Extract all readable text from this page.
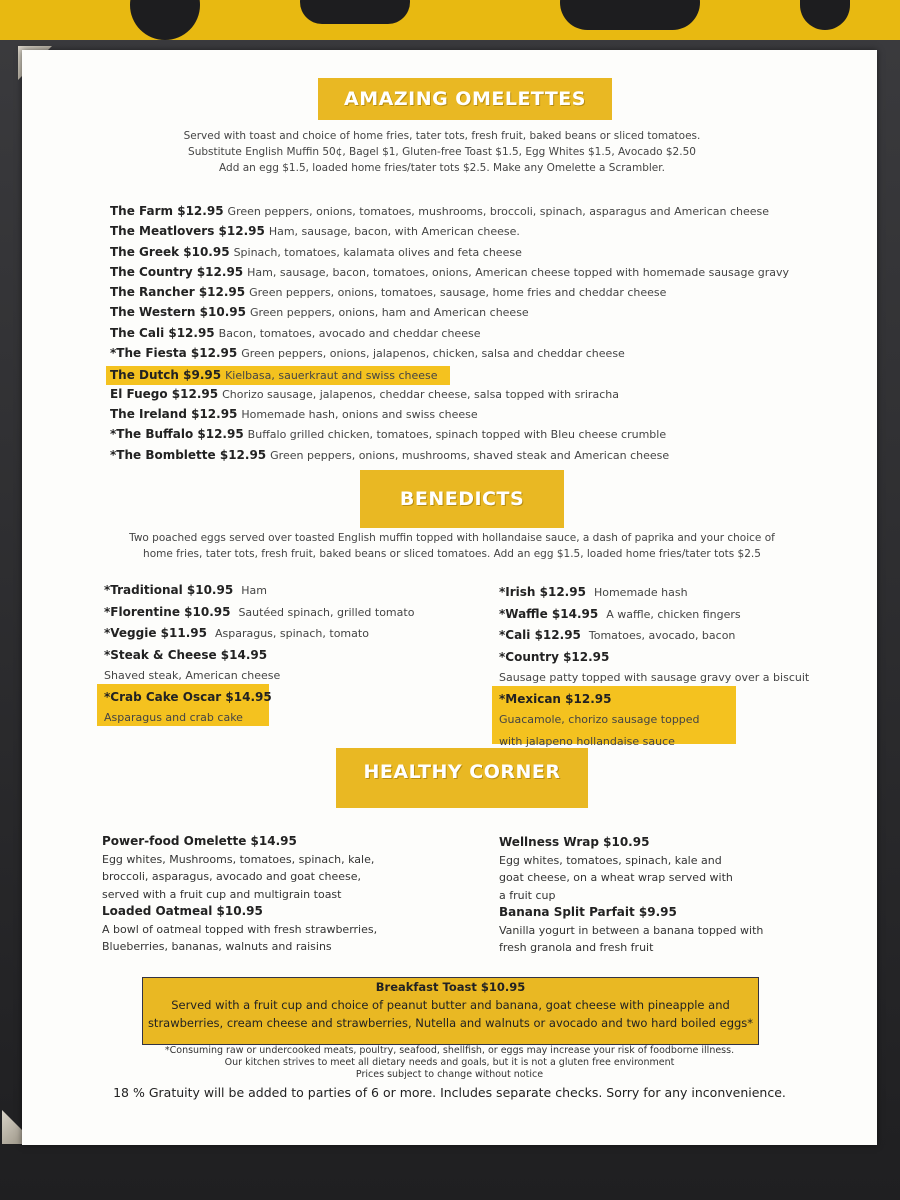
AMAZING OMELETTES
Served with toast and choice of home fries, tater tots, fresh fruit, baked beans or sliced tomatoes.
Substitute English Muffin 50¢, Bagel $1, Gluten-free Toast $1.5, Egg Whites $1.5, Avocado $2.50
Add an egg $1.5, loaded home fries/tater tots $2.5. Make any Omelette a Scrambler.
The Farm $12.95 Green peppers, onions, tomatoes, mushrooms, broccoli, spinach, asparagus and American cheese
The Meatlovers $12.95 Ham, sausage, bacon, with American cheese.
The Greek $10.95 Spinach, tomatoes, kalamata olives and feta cheese
The Country $12.95 Ham, sausage, bacon, tomatoes, onions, American cheese topped with homemade sausage gravy
The Rancher $12.95 Green peppers, onions, tomatoes, sausage, home fries and cheddar cheese
The Western $10.95 Green peppers, onions, ham and American cheese
The Cali $12.95 Bacon, tomatoes, avocado and cheddar cheese
*The Fiesta $12.95 Green peppers, onions, jalapenos, chicken, salsa and cheddar cheese
The Dutch $9.95 Kielbasa, sauerkraut and swiss cheese
El Fuego $12.95 Chorizo sausage, jalapenos, cheddar cheese, salsa topped with sriracha
The Ireland $12.95 Homemade hash, onions and swiss cheese
*The Buffalo $12.95 Buffalo grilled chicken, tomatoes, spinach topped with Bleu cheese crumble
*The Bomblette $12.95 Green peppers, onions, mushrooms, shaved steak and American cheese
BENEDICTS
Two poached eggs served over toasted English muffin topped with hollandaise sauce, a dash of paprika and your choice of
home fries, tater tots, fresh fruit, baked beans or sliced tomatoes. Add an egg $1.5, loaded home fries/tater tots $2.5
*Traditional $10.95 Ham
*Florentine $10.95 Sautéed spinach, grilled tomato
*Veggie $11.95 Asparagus, spinach, tomato
*Steak & Cheese $14.95
Shaved steak, American cheese
*Crab Cake Oscar $14.95
Asparagus and crab cake
*Irish $12.95 Homemade hash
*Waffle $14.95 A waffle, chicken fingers
*Cali $12.95 Tomatoes, avocado, bacon
*Country $12.95
Sausage patty topped with sausage gravy over a biscuit
*Mexican $12.95
Guacamole, chorizo sausage topped
with jalapeno hollandaise sauce
HEALTHY CORNER
Power-food Omelette $14.95
Egg whites, Mushrooms, tomatoes, spinach, kale,
broccoli, asparagus, avocado and goat cheese,
served with a fruit cup and multigrain toast
Loaded Oatmeal $10.95
A bowl of oatmeal topped with fresh strawberries,
Blueberries, bananas, walnuts and raisins
Wellness Wrap $10.95
Egg whites, tomatoes, spinach, kale and
goat cheese, on a wheat wrap served with
a fruit cup
Banana Split Parfait $9.95
Vanilla yogurt in between a banana topped with
fresh granola and fresh fruit
Breakfast Toast $10.95
Served with a fruit cup and choice of peanut butter and banana, goat cheese with pineapple and
strawberries, cream cheese and strawberries, Nutella and walnuts or avocado and two hard boiled eggs*
*Consuming raw or undercooked meats, poultry, seafood, shellfish, or eggs may increase your risk of foodborne illness.
Our kitchen strives to meet all dietary needs and goals, but it is not a gluten free environment
Prices subject to change without notice
18 % Gratuity will be added to parties of 6 or more. Includes separate checks. Sorry for any inconvenience.
